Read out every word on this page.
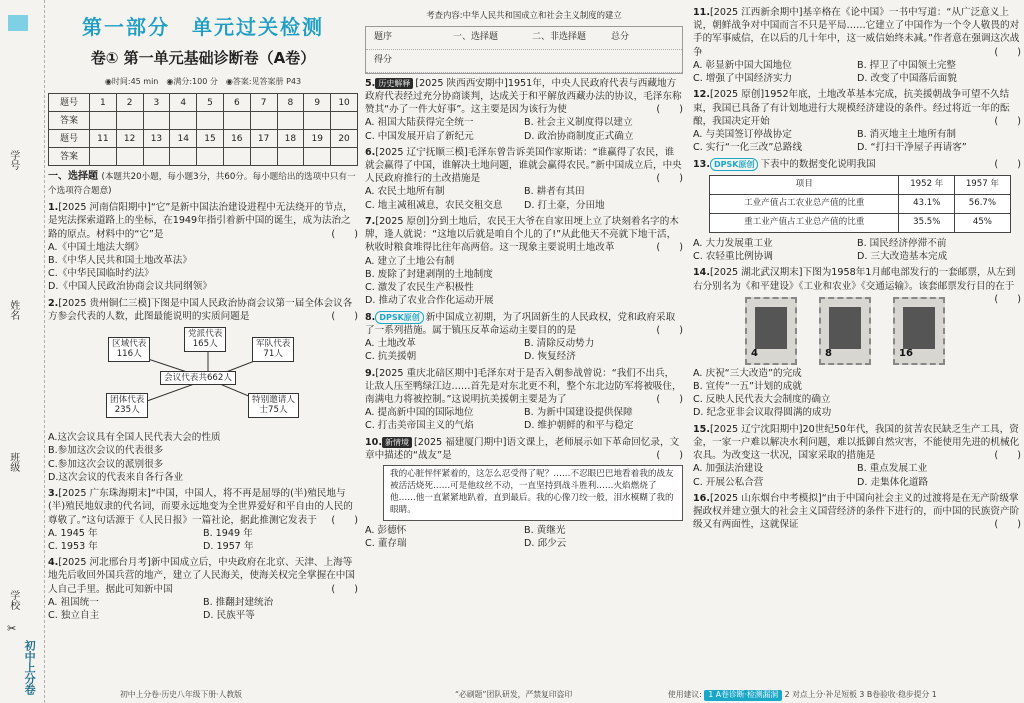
学号
姓名
班级
学校
初中上分卷
✂
第一部分　单元过关检测
卷① 第一单元基础诊断卷（A卷）
◉时间:45 min　◉满分:100 分　◉答案:见答案册 P43
题号	1	2	3	4	5	6	7	8	9	10
答案										
题号	11	12	13	14	15	16	17	18	19	20
答案										
一、选择题 (本题共20小题，每小题3分，共60分。每小题给出的选项中只有一个选项符合题意)
1.[2025 河南信阳期中]“它”是新中国法治建设进程中无法绕开的节点，是宪法探索道路上的坐标，在1949年指引着新中国的诞生，成为法治之路的原点。材料中的“它”是	(　　)
A.《中国土地法大纲》
B.《中华人民共和国土地改革法》
C.《中华民国临时约法》
D.《中国人民政治协商会议共同纲领》
2.[2025 贵州铜仁三模]下图是中国人民政治协商会议第一届全体会议各方参会代表的人数，此图最能说明的实质问题是	(　　)
会议代表共662人
党派代表
165人
区域代表
116人
军队代表
71人
团体代表
235人
特别邀请人
士75人
A.这次会议具有全国人民代表大会的性质
B.参加这次会议的代表很多
C.参加这次会议的派别很多
D.这次会议的代表来自各行各业
3.[2025 广东珠海期末]“中国，中国人，将不再是屈辱的(半)殖民地与(半)殖民地奴隶的代名词，而要永远地变为全世界爱好和平自由的人民的尊敬了。”这句话源于《人民日报》一篇社论，据此推测它发表于 (　　)
A. 1945 年	B. 1949 年
C. 1953 年	D. 1957 年
4.[2025 河北邢台月考]新中国成立后，中央政府在北京、天津、上海等地先后收回外国兵营的地产，建立了人民海关，使海关权完全掌握在中国人自己手里。据此可知新中国	(　　)
A. 祖国统一	B. 推翻封建统治
C. 独立自主	D. 民族平等
考查内容:中华人民共和国成立和社会主义制度的建立
题序	一、选择题	二、非选择题	总分
得分
5. 历史解释 [2025 陕西西安期中]1951年，中央人民政府代表与西藏地方政府代表经过充分协商谈判，达成关于和平解放西藏办法的协议，毛泽东称赞其“办了一件大好事”。这主要是因为该行为使	(　　)
A. 祖国大陆获得完全统一	B. 社会主义制度得以建立
C. 中国发展开启了新纪元	D. 政治协商制度正式确立
6.[2025 辽宁抚顺三模]毛泽东曾告诉美国作家斯诺：“谁赢得了农民，谁就会赢得了中国，谁解决土地问题，谁就会赢得农民。”新中国成立后，中央人民政府推行的土改措施是	(　　)
A. 农民土地所有制	B. 耕者有其田
C. 地主减租减息，农民交租交息	D. 打土豪，分田地
7.[2025 原创]分到土地后，农民王大爷在自家田埂上立了块刻着名字的木牌，逢人就说：“这地以后就是咱自个儿的了!”从此他天不亮就下地干活，秋收时粮食堆得比往年高两倍。这一现象主要说明土地改革	(　　)
A. 建立了土地公有制
B. 废除了封建剥削的土地制度
C. 激发了农民生产积极性
D. 推动了农业合作化运动开展
8. DPSK原创 新中国成立初期，为了巩固新生的人民政权，党和政府采取了一系列措施。属于镇压反革命运动主要目的的是	(　　)
A. 土地改革	B. 清除反动势力
C. 抗美援朝	D. 恢复经济
9.[2025 重庆北碚区期中]毛泽东对于是否入朝参战曾说：“我们不出兵，让敌人压至鸭绿江边……首先是对东北更不利，整个东北边防军将被吸住，南满电力将被控制。”这说明抗美援朝主要是为了	(　　)
A. 提高新中国的国际地位	B. 为新中国建设提供保障
C. 打击美帝国主义的气焰	D. 维护朝鲜的和平与稳定
10. 新情境 [2025 福建厦门期中]语文课上，老师展示如下革命回忆录，文章中描述的“战友”是	(　　)
我的心脏怦怦紧着的，这怎么忍受得了呢？……不忍眼巴巴地看着我的战友被活活烧死……可是他纹丝不动，一直坚持到战斗胜利……火焰燃烧了他……他一直紧紧地趴着，直到最后。我的心像刀绞一般，泪水模糊了我的眼睛。
A. 彭德怀	B. 黄继光
C. 董存瑞	D. 邱少云
11.[2025 江西新余期中]基辛格在《论中国》一书中写道：“从广泛意义上说，朝鲜战争对中国而言不只是平局……它建立了中国作为一个令人敬畏的对手的军事威信，在以后的几十年中，这一威信始终未减。”作者意在强调这次战争	(　　)
A. 彰显新中国大国地位	B. 捍卫了中国领土完整
C. 增强了中国经济实力	D. 改变了中国落后面貌
12.[2025 原创]1952年底，土地改革基本完成，抗美援朝战争可望不久结束，我国已具备了有计划地进行大规模经济建设的条件。经过将近一年的酝酿，我国决定开始	(　　)
A. 与美国签订停战协定	B. 消灭地主土地所有制
C. 实行“一化三改”总路线	D. “打扫干净屋子再请客”
13. DPSK原创 下表中的数据变化说明我国	(　　)
项目	1952 年	1957 年
工业产值占工农业总产值的比重	43.1%	56.7%
重工业产值占工业总产值的比重	35.5%	45%
A. 大力发展重工业	B. 国民经济停滞不前
C. 农轻重比例协调	D. 三大改造基本完成
14.[2025 湖北武汉期末]下图为1958年1月邮电部发行的一套邮票，从左到右分别名为《和平建设》《工业和农业》《交通运输》。该套邮票发行目的在于
(　　)
4	8	16
A. 庆祝“三大改造”的完成
B. 宣传“一五”计划的成就
C. 反映人民代表大会制度的确立
D. 纪念亚非会议取得圆满的成功
15.[2025 辽宁沈阳期中]20世纪50年代，我国的贫苦农民缺乏生产工具，资金，一家一户难以解决水利问题，难以抵御自然灾害，不能使用先进的机械化农具。为改变这一状况，国家采取的措施是	(　　)
A. 加强法治建设	B. 重点发展工业
C. 开展公私合营	D. 走集体化道路
16.[2025 山东烟台中考模拟]“由于中国向社会主义的过渡将是在无产阶级掌握政权并建立强大的社会主义国营经济的条件下进行的，而中国的民族资产阶级又有两面性，这就保证	(　　)
初中上分卷·历史八年级下册·人教版	“必刷题”团队研发，严禁复印盗印	使用建议: 1 A卷诊断·检测漏洞 2 对点上分·补足短板 3 B卷验收·稳步提分 1
